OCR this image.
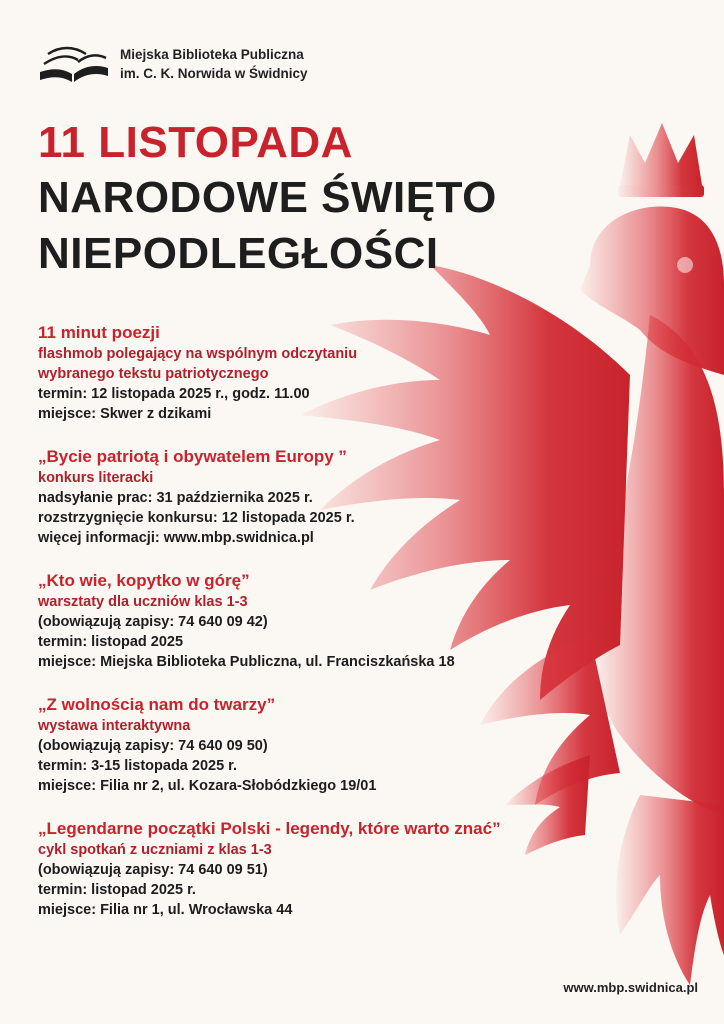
Miejska Biblioteka Publiczna
im. C. K. Norwida w Świdnicy
11 LISTOPADA
NARODOWE ŚWIĘTO
NIEPODLEGŁOŚCI
11 minut poezji
flashmob polegający na wspólnym odczytaniu
wybranego tekstu patriotycznego
termin: 12 listopada 2025 r., godz. 11.00
miejsce: Skwer z dzikami
„Bycie patriotą i obywatelem Europy ”
konkurs literacki
nadsyłanie prac: 31 października 2025 r.
rozstrzygnięcie konkursu: 12 listopada 2025 r.
więcej informacji: www.mbp.swidnica.pl
„Kto wie, kopytko w górę”
warsztaty dla uczniów klas 1-3
(obowiązują zapisy: 74 640 09 42)
termin: listopad 2025
miejsce: Miejska Biblioteka Publiczna, ul. Franciszkańska 18
„Z wolnością nam do twarzy”
wystawa interaktywna
(obowiązują zapisy: 74 640 09 50)
termin: 3-15 listopada 2025 r.
miejsce: Filia nr 2, ul. Kozara-Słobódzkiego 19/01
„Legendarne początki Polski - legendy, które warto znać”
cykl spotkań z uczniami z klas 1-3
(obowiązują zapisy: 74 640 09 51)
termin: listopad 2025 r.
miejsce: Filia nr 1, ul. Wrocławska 44
www.mbp.swidnica.pl
